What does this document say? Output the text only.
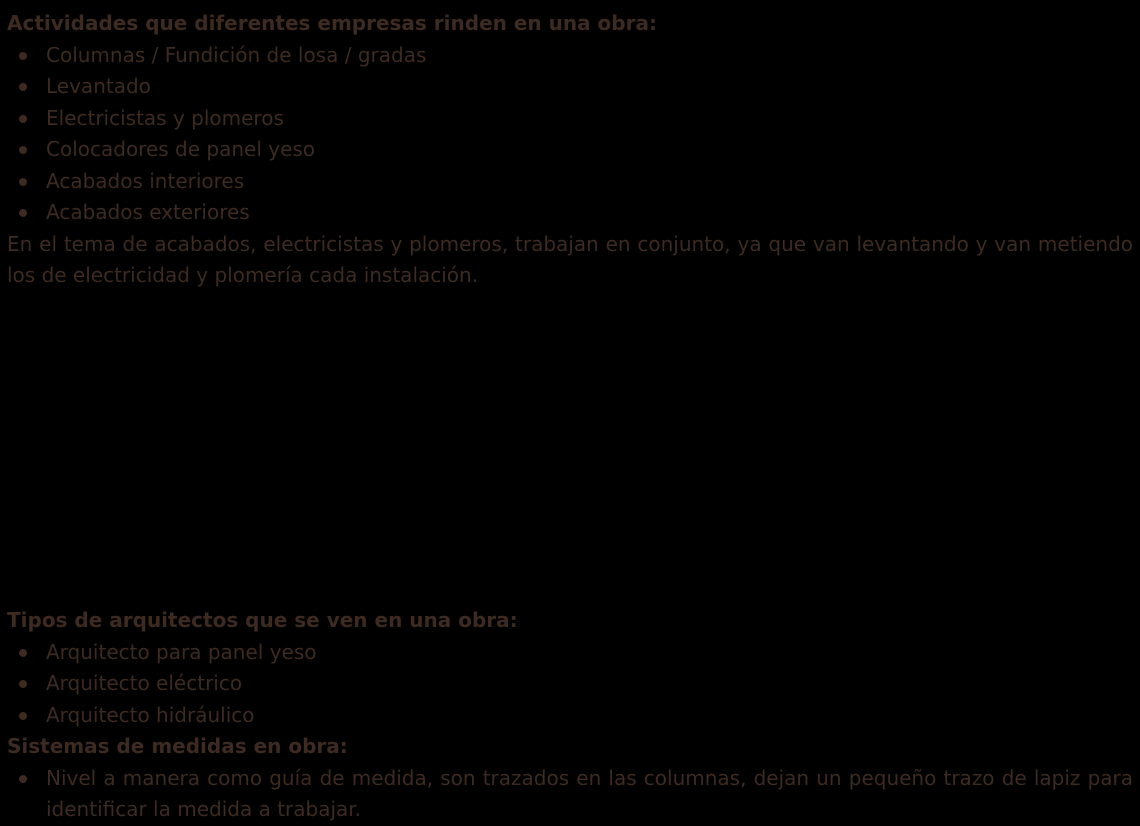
Actividades que diferentes empresas rinden en una obra:

Columnas / Fundición de losa / gradas
Levantado
Electricistas y plomeros
Colocadores de panel yeso
Acabados interiores
Acabados exteriores

En el tema de acabados, electricistas y plomeros, trabajan en conjunto, ya que van levantando y van metiendo los de electricidad y plomería cada instalación.

Tipos de arquitectos que se ven en una obra:

Arquitecto para panel yeso
Arquitecto eléctrico
Arquitecto hidráulico

Sistemas de medidas en obra:

Nivel a manera como guía de medida, son trazados en las columnas, dejan un pequeño trazo de lapiz para identificar la medida a trabajar.
